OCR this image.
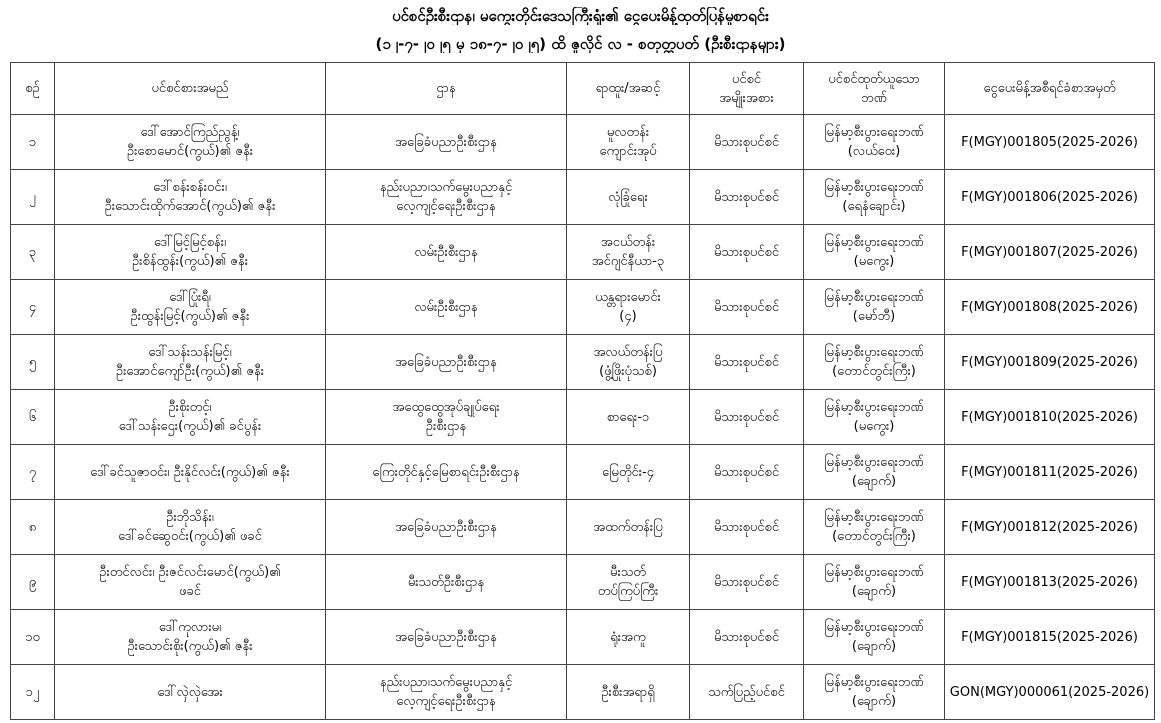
ပင်စင်ဦးစီးဌာန၊ မကွေးတိုင်းဒေသကြီးရုံး၏ ငွေပေးမိန့်ထုတ်ပြန်မှုစာရင်း
(၁၂-၇-၂၀၂၅ မှ ၁၈-၇-၂၀၂၅) ထိ ဇူလိုင် လ - စတုတ္ထပတ် (ဦးစီးဌာနများ)
စဉ်	ပင်စင်စားအမည်	ဌာန	ရာထူး/အဆင့်	ပင်စင်
အမျိုးအစား	ပင်စင်ထုတ်ယူသော
ဘဏ်	ငွေပေးမိန့်အစီရင်ခံစာအမှတ်
၁	ဒေါ်အောင်ကြည်ညွန့်၊
ဦးစောမောင်(ကွယ်)၏ ဇနီး	အခြေခံပညာဦးစီးဌာန	မူလတန်း
ကျောင်းအုပ်	မိသားစုပင်စင်	မြန်မာ့စီးပွားရေးဘဏ်
(လယ်ဝေး)	F(MGY)001805(2025-2026)
၂	ဒေါ်စန်းစန်းဝင်း၊
ဦးသောင်းထိုက်အောင်(ကွယ်)၏ ဇနီး	နည်းပညာ၊သက်မွေးပညာနှင့်
လေ့ကျင့်ရေးဦးစီးဌာန	လုံခြုံရေး	မိသားစုပင်စင်	မြန်မာ့စီးပွားရေးဘဏ်
(ရေနံချောင်း)	F(MGY)001806(2025-2026)
၃	ဒေါ်မြင့်မြင့်စန်း၊
ဦးစိန်ထွန်း(ကွယ်)၏ ဇနီး	လမ်းဦးစီးဌာန	အငယ်တန်း
အင်ဂျင်နီယာ-၃	မိသားစုပင်စင်	မြန်မာ့စီးပွားရေးဘဏ်
(မကွေး)	F(MGY)001807(2025-2026)
၄	ဒေါ်ပြုံးရီ၊
ဦးထွန်းမြင့်(ကွယ်)၏ ဇနီး	လမ်းဦးစီးဌာန	ယန္တရားမောင်း
(၄)	မိသားစုပင်စင်	မြန်မာ့စီးပွားရေးဘဏ်
(မော်ဘီ)	F(MGY)001808(2025-2026)
၅	ဒေါ်သန်းသန်းမြင့်၊
ဦးအောင်ကျော်ဦး(ကွယ်)၏ ဇနီး	အခြေခံပညာဦးစီးဌာန	အလယ်တန်းပြ
(ဖွံ့ဖြိုးပုံသစ်)	မိသားစုပင်စင်	မြန်မာ့စီးပွားရေးဘဏ်
(တောင်တွင်းကြီး)	F(MGY)001809(2025-2026)
၆	ဦးစိုးတင့်၊
ဒေါ်သန်းဌေး(ကွယ်)၏ ခင်ပွန်း	အထွေထွေအုပ်ချုပ်ရေး
ဦးစီးဌာန	စာရေး-၁	မိသားစုပင်စင်	မြန်မာ့စီးပွားရေးဘဏ်
(မကွေး)	F(MGY)001810(2025-2026)
၇	ဒေါ်ခင်သူဇာဝင်း၊ ဦးနိုင်လင်း(ကွယ်)၏ ဇနီး	ကြေးတိုင်နှင့်မြေစာရင်းဦးစီးဌာန	မြေတိုင်း-၄	မိသားစုပင်စင်	မြန်မာ့စီးပွားရေးဘဏ်
(ချောက်)	F(MGY)001811(2025-2026)
၈	ဦးဘိုသိန်း၊
ဒေါ်ခင်ဆွေဝင်း(ကွယ်)၏ ဖခင်	အခြေခံပညာဦးစီးဌာန	အထက်တန်းပြ	မိသားစုပင်စင်	မြန်မာ့စီးပွားရေးဘဏ်
(တောင်တွင်းကြီး)	F(MGY)001812(2025-2026)
၉	ဦးတင်လင်း၊ ဦးဇင်လင်းမောင်(ကွယ်)၏
ဖခင်	မီးသတ်ဦးစီးဌာန	မီးသတ်
တပ်ကြပ်ကြီး	မိသားစုပင်စင်	မြန်မာ့စီးပွားရေးဘဏ်
(ချောက်)	F(MGY)001813(2025-2026)
၁၀	ဒေါ်ကုလားမ၊
ဦးသောင်းစိုး(ကွယ်)၏ ဇနီး	အခြေခံပညာဦးစီးဌာန	ရုံးအကူ	မိသားစုပင်စင်	မြန်မာ့စီးပွားရေးဘဏ်
(ချောက်)	F(MGY)001815(2025-2026)
၁၂	ဒေါ်လှဲလှဲအေး	နည်းပညာ၊သက်မွေးပညာနှင့်
လေ့ကျင့်ရေးဦးစီးဌာန	ဦးစီးအရာရှိ	သက်ပြည့်ပင်စင်	မြန်မာ့စီးပွားရေးဘဏ်
(ချောက်)	GON(MGY)000061(2025-2026)
